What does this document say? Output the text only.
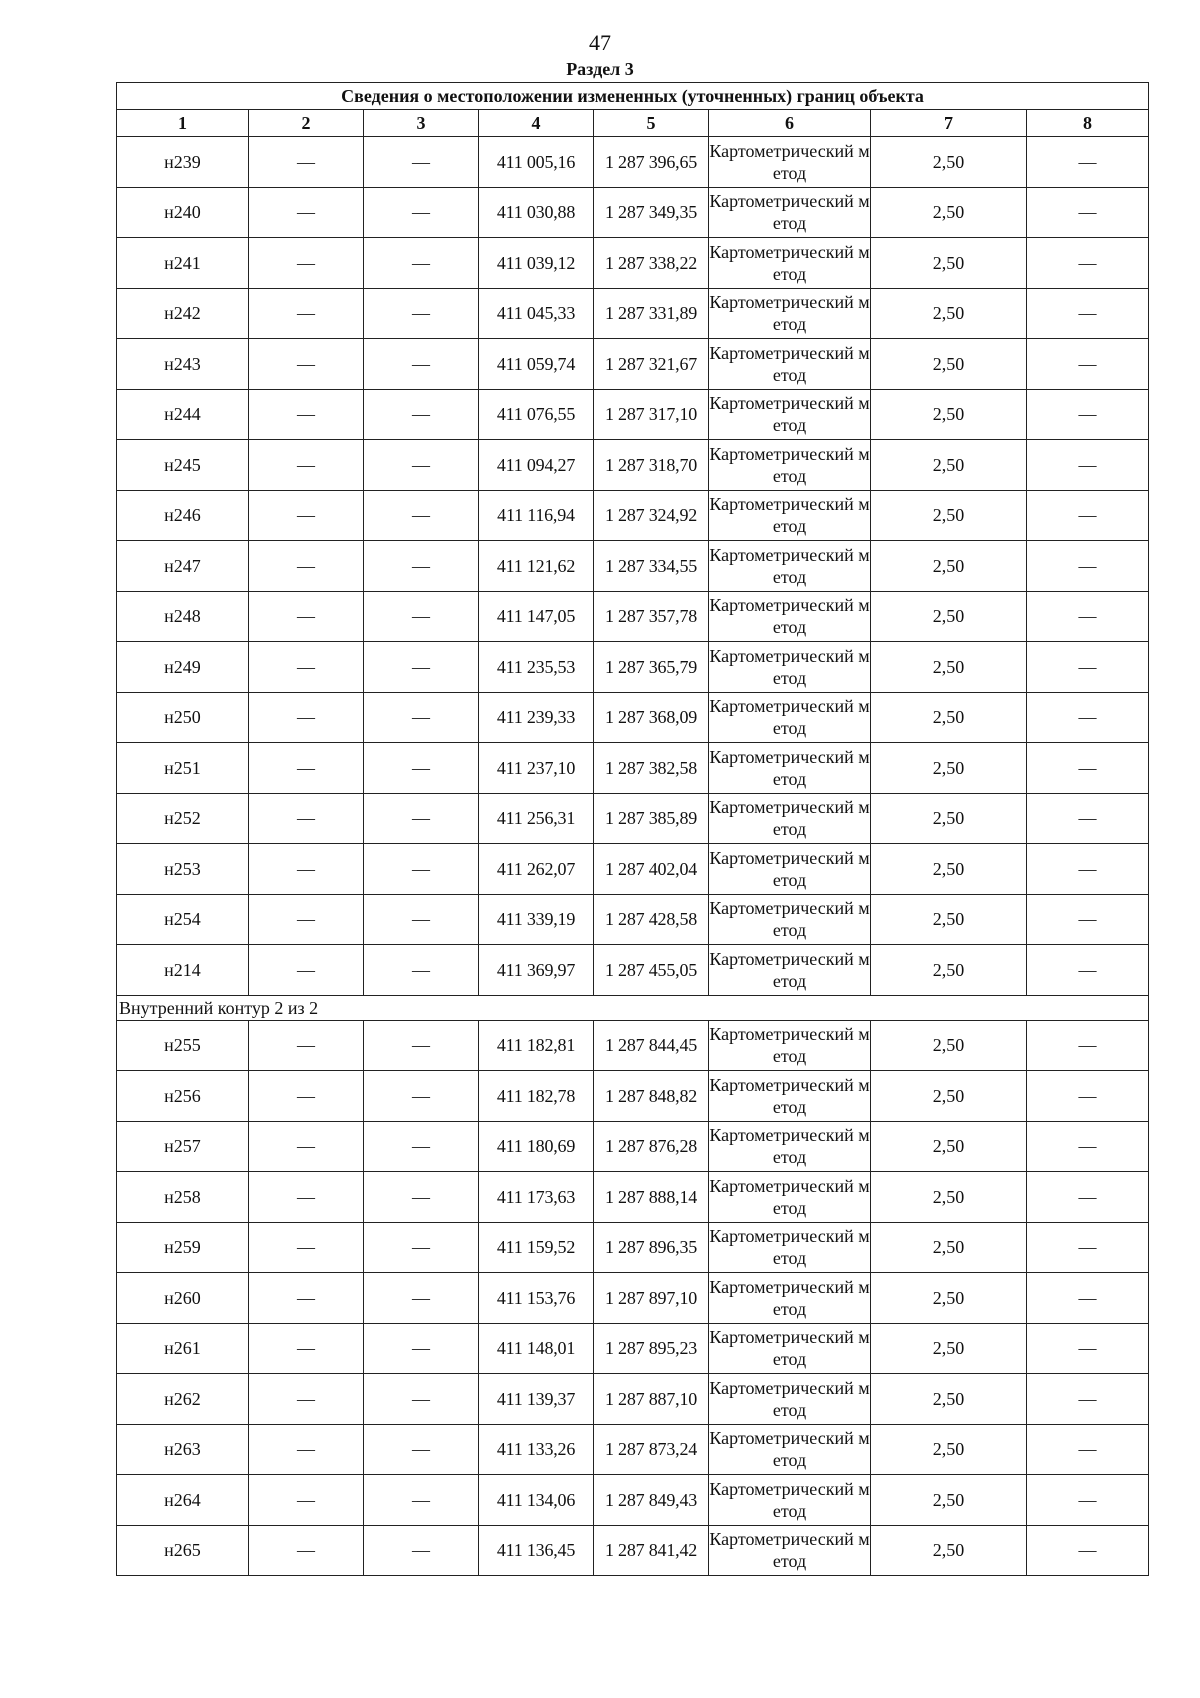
47
Раздел 3
Сведения о местоположении измененных (уточненных) границ объекта							
1	2	3	4	5	6	7	8
н239	—	—	411 005,16	1 287 396,65	Картометрический метод	2,50	—
н240	—	—	411 030,88	1 287 349,35	Картометрический метод	2,50	—
н241	—	—	411 039,12	1 287 338,22	Картометрический метод	2,50	—
н242	—	—	411 045,33	1 287 331,89	Картометрический метод	2,50	—
н243	—	—	411 059,74	1 287 321,67	Картометрический метод	2,50	—
н244	—	—	411 076,55	1 287 317,10	Картометрический метод	2,50	—
н245	—	—	411 094,27	1 287 318,70	Картометрический метод	2,50	—
н246	—	—	411 116,94	1 287 324,92	Картометрический метод	2,50	—
н247	—	—	411 121,62	1 287 334,55	Картометрический метод	2,50	—
н248	—	—	411 147,05	1 287 357,78	Картометрический метод	2,50	—
н249	—	—	411 235,53	1 287 365,79	Картометрический метод	2,50	—
н250	—	—	411 239,33	1 287 368,09	Картометрический метод	2,50	—
н251	—	—	411 237,10	1 287 382,58	Картометрический метод	2,50	—
н252	—	—	411 256,31	1 287 385,89	Картометрический метод	2,50	—
н253	—	—	411 262,07	1 287 402,04	Картометрический метод	2,50	—
н254	—	—	411 339,19	1 287 428,58	Картометрический метод	2,50	—
н214	—	—	411 369,97	1 287 455,05	Картометрический метод	2,50	—
Внутренний контур 2 из 2							
н255	—	—	411 182,81	1 287 844,45	Картометрический метод	2,50	—
н256	—	—	411 182,78	1 287 848,82	Картометрический метод	2,50	—
н257	—	—	411 180,69	1 287 876,28	Картометрический метод	2,50	—
н258	—	—	411 173,63	1 287 888,14	Картометрический метод	2,50	—
н259	—	—	411 159,52	1 287 896,35	Картометрический метод	2,50	—
н260	—	—	411 153,76	1 287 897,10	Картометрический метод	2,50	—
н261	—	—	411 148,01	1 287 895,23	Картометрический метод	2,50	—
н262	—	—	411 139,37	1 287 887,10	Картометрический метод	2,50	—
н263	—	—	411 133,26	1 287 873,24	Картометрический метод	2,50	—
н264	—	—	411 134,06	1 287 849,43	Картометрический метод	2,50	—
н265	—	—	411 136,45	1 287 841,42	Картометрический метод	2,50	—
